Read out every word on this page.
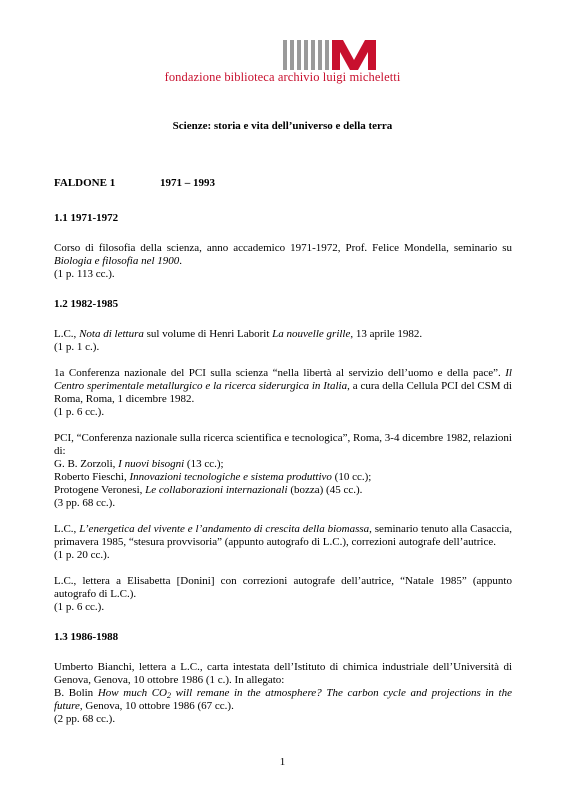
fondazione biblioteca archivio luigi micheletti
Scienze: storia e vita dell’universo e della terra
FALDONE 1	1971 – 1993
1.1 1971-1972

Corso di filosofia della scienza, anno accademico 1971-1972, Prof. Felice Mondella, seminario su Biologia e filosofia nel 1900.
(1 p. 113 cc.).

1.2 1982-1985

L.C., Nota di lettura sul volume di Henri Laborit La nouvelle grille, 13 aprile 1982.
(1 p. 1 c.).

1a Conferenza nazionale del PCI sulla scienza “nella libertà al servizio dell’uomo e della pace”. Il Centro sperimentale metallurgico e la ricerca siderurgica in Italia, a cura della Cellula PCI del CSM di Roma, Roma, 1 dicembre 1982.
(1 p. 6 cc.).

PCI, “Conferenza nazionale sulla ricerca scientifica e tecnologica”, Roma, 3-4 dicembre 1982, relazioni di:
G. B. Zorzoli, I nuovi bisogni (13 cc.);
Roberto Fieschi, Innovazioni tecnologiche e sistema produttivo (10 cc.);
Protogene Veronesi, Le collaborazioni internazionali (bozza) (45 cc.).
(3 pp. 68 cc.).

L.C., L’energetica del vivente e l’andamento di crescita della biomassa, seminario tenuto alla Casaccia, primavera 1985, “stesura provvisoria” (appunto autografo di L.C.), correzioni autografe dell’autrice.
(1 p. 20 cc.).

L.C., lettera a Elisabetta [Donini] con correzioni autografe dell’autrice, “Natale 1985” (appunto autografo di L.C.).
(1 p. 6 cc.).

1.3 1986-1988

Umberto Bianchi, lettera a L.C., carta intestata dell’Istituto di chimica industriale dell’Università di Genova, Genova, 10 ottobre 1986 (1 c.). In allegato:
B. Bolin How much $CO_2$ will remane in the atmosphere? The carbon cycle and projections in the future, Genova, 10 ottobre 1986 (67 cc.).
(2 pp. 68 cc.).

1
